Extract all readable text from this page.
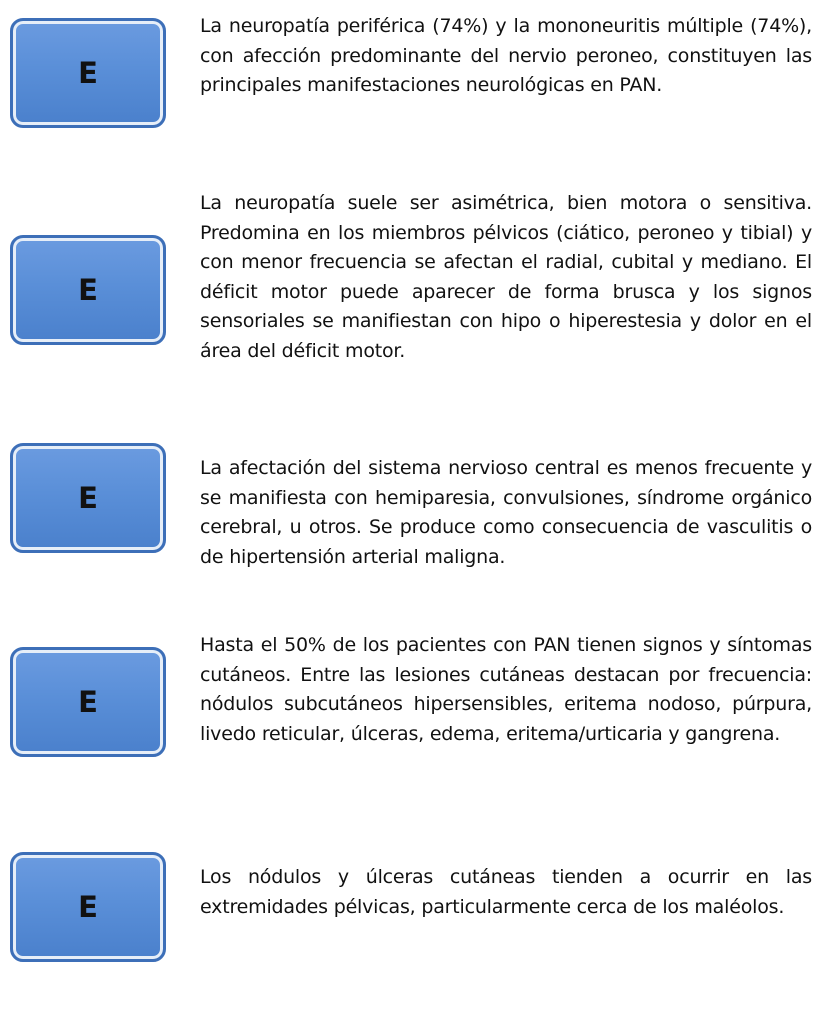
E
La neuropatía periférica (74%) y la mononeuritis múltiple (74%), con afección predominante del nervio peroneo, constituyen las principales manifestaciones neurológicas en PAN.
E
La neuropatía suele ser asimétrica, bien motora o sensitiva. Predomina en los miembros pélvicos (ciático, peroneo y tibial) y con menor frecuencia se afectan el radial, cubital y mediano. El déficit motor puede aparecer de forma brusca y los signos sensoriales se manifiestan con hipo o hiperestesia y dolor en el área del déficit motor.
E
La afectación del sistema nervioso central es menos frecuente y se manifiesta con hemiparesia, convulsiones, síndrome orgánico cerebral, u otros. Se produce como consecuencia de vasculitis o de hipertensión arterial maligna.
E
Hasta el 50% de los pacientes con PAN tienen signos y síntomas cutáneos. Entre las lesiones cutáneas destacan por frecuencia: nódulos subcutáneos hipersensibles, eritema nodoso, púrpura, livedo reticular, úlceras, edema, eritema/urticaria y gangrena.
E
Los nódulos y úlceras cutáneas tienden a ocurrir en las extremidades pélvicas, particularmente cerca de los maléolos.
